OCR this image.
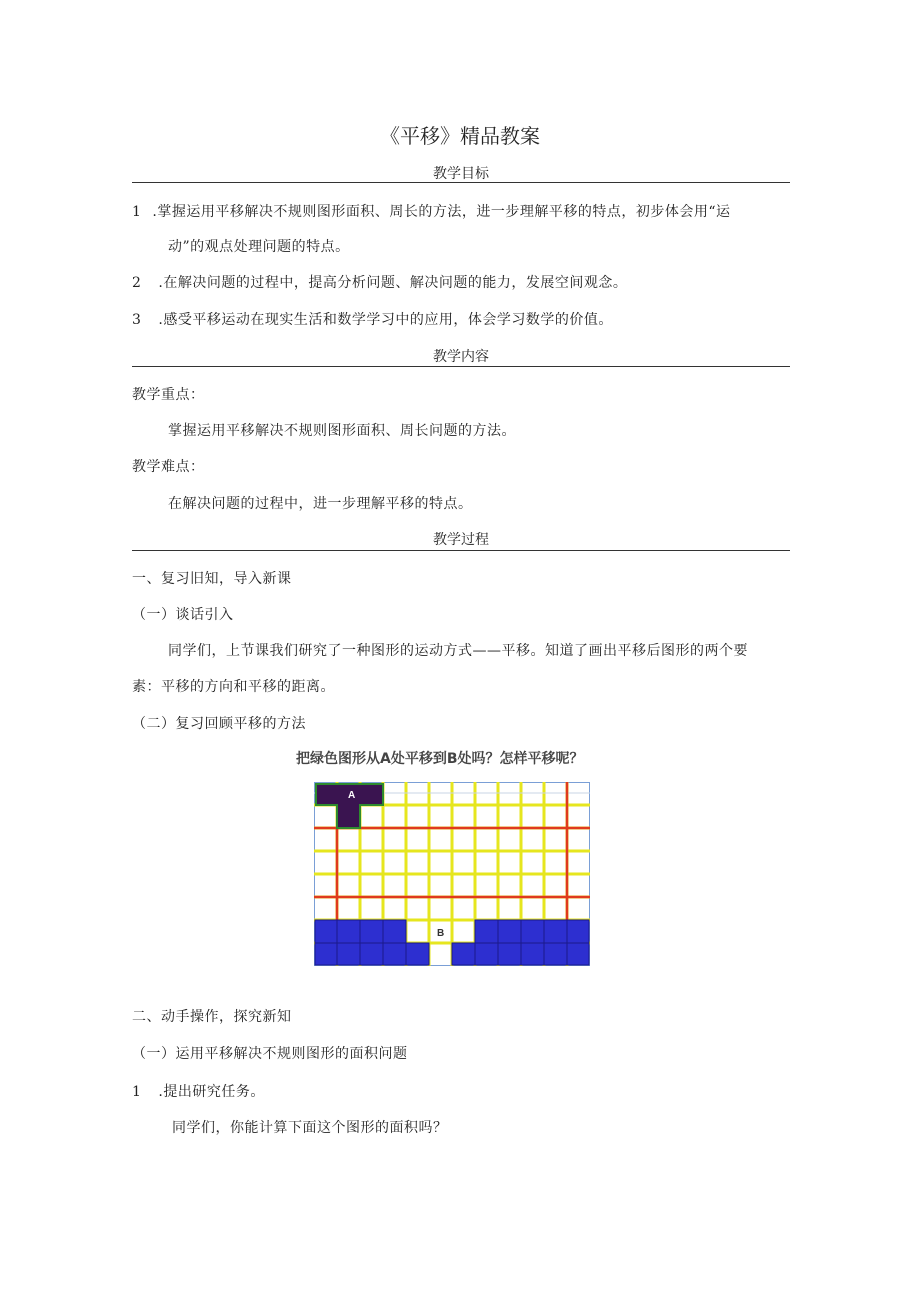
《平移》精品教案
教学目标
1 .掌握运用平移解决不规则图形面积、周长的方法，进一步理解平移的特点，初步体会用“运
动”的观点处理问题的特点。
2 .在解决问题的过程中，提高分析问题、解决问题的能力，发展空间观念。
3 .感受平移运动在现实生活和数学学习中的应用，体会学习数学的价值。
教学内容
教学重点：
掌握运用平移解决不规则图形面积、周长问题的方法。
教学难点：
在解决问题的过程中，进一步理解平移的特点。
教学过程
一、复习旧知，导入新课
（一）谈话引入
同学们，上节课我们研究了一种图形的运动方式——平移。知道了画出平移后图形的两个要
素：平移的方向和平移的距离。
（二）复习回顾平移的方法
把绿色图形从A处平移到B处吗？怎样平移呢？
A
B
二、动手操作，探究新知
（一）运用平移解决不规则图形的面积问题
1 .提出研究任务。
同学们，你能计算下面这个图形的面积吗？
